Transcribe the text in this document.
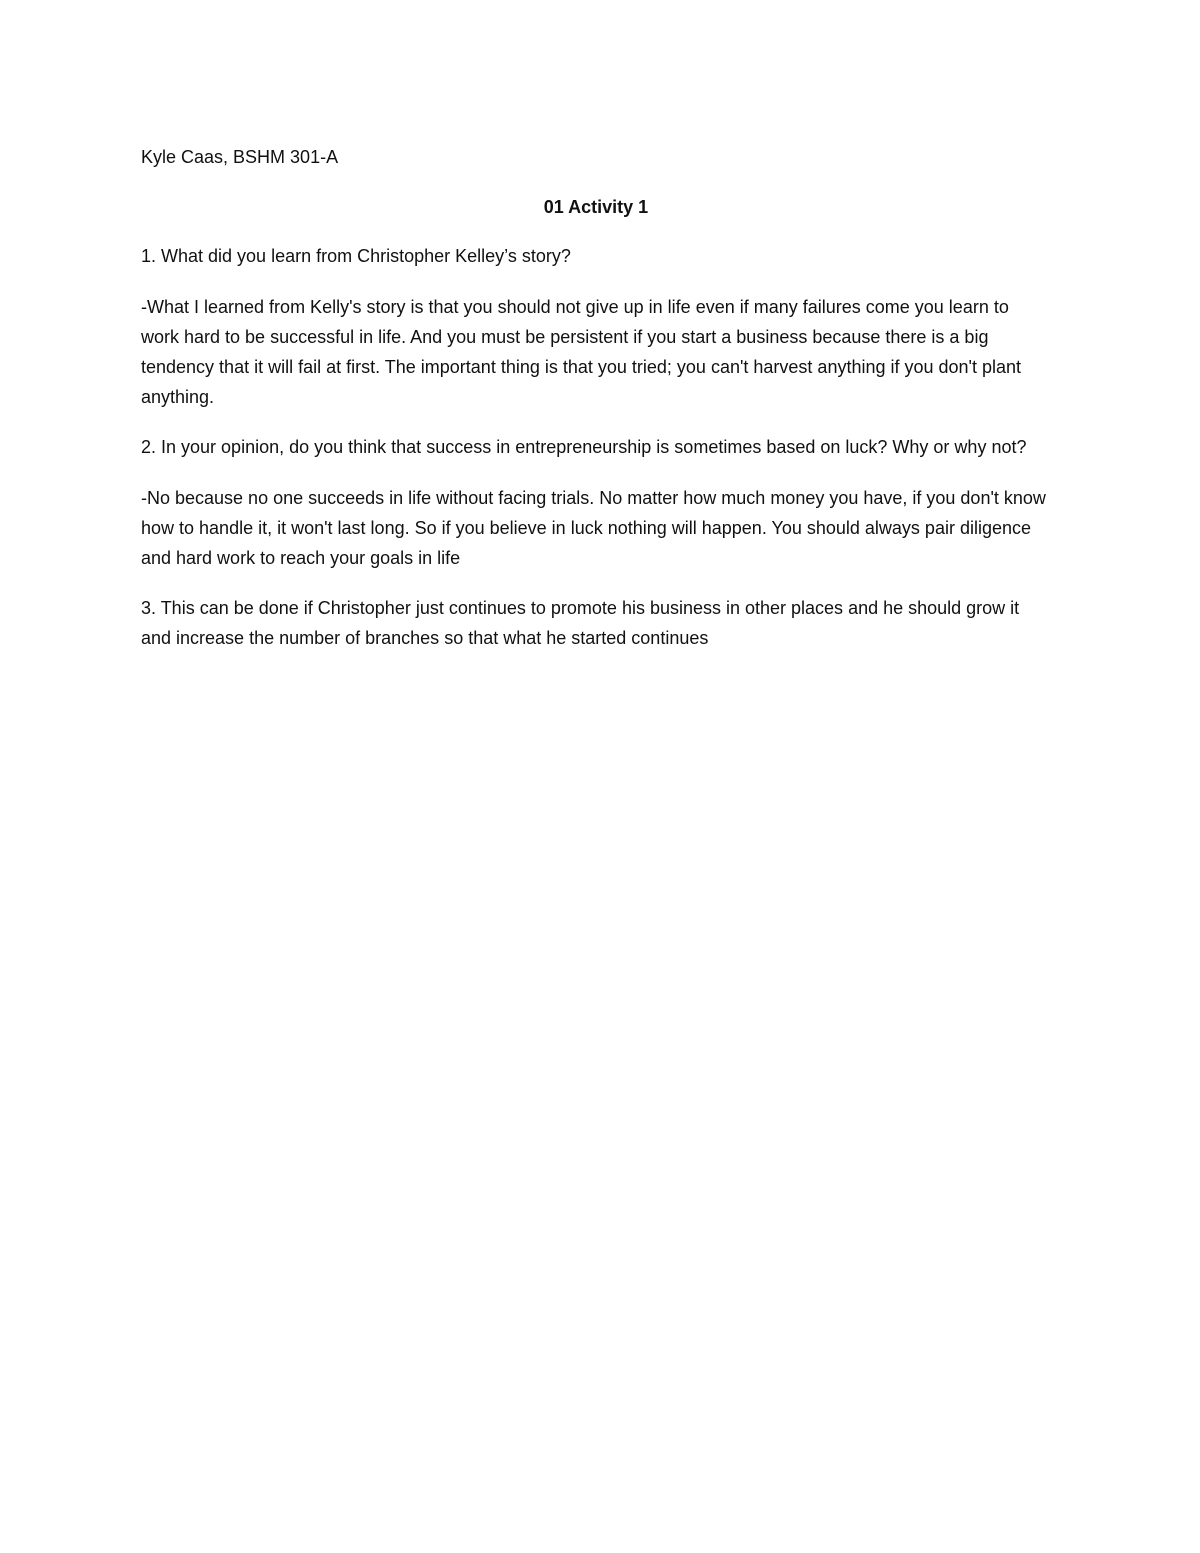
Kyle Caas, BSHM 301-A

01 Activity 1

1. What did you learn from Christopher Kelley’s story?

-What I learned from Kelly's story is that you should not give up in life even if many failures come you learn to work hard to be successful in life. And you must be persistent if you start a business because there is a big tendency that it will fail at first. The important thing is that you tried; you can't harvest anything if you don't plant anything.

2. In your opinion, do you think that success in entrepreneurship is sometimes based on luck? Why or why not?

-No because no one succeeds in life without facing trials. No matter how much money you have, if you don't know how to handle it, it won't last long. So if you believe in luck nothing will happen. You should always pair diligence and hard work to reach your goals in life

3. This can be done if Christopher just continues to promote his business in other places and he should grow it and increase the number of branches so that what he started continues
